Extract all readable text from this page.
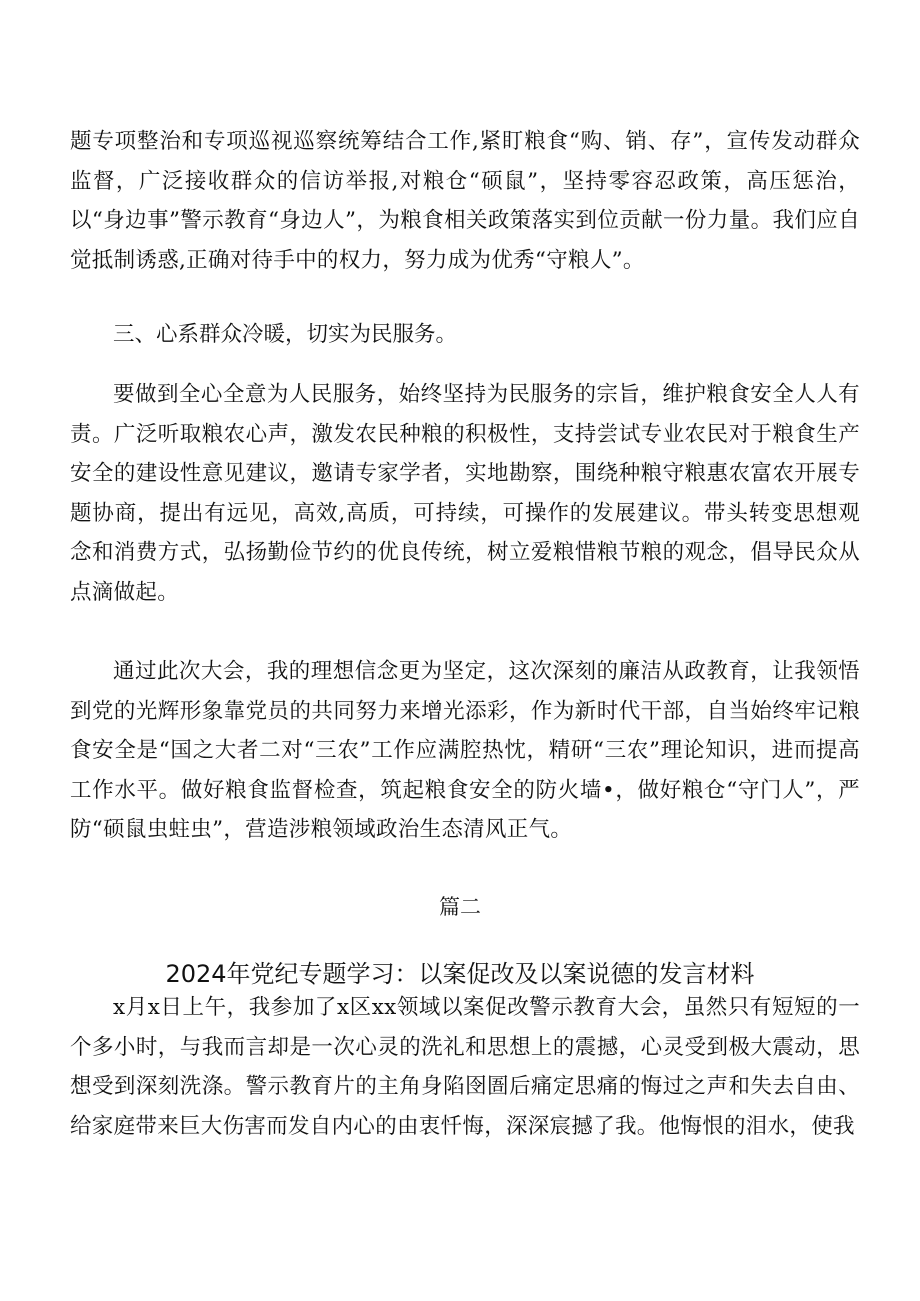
题专项整治和专项巡视巡察统筹结合工作,紧盯粮食“购、销、存”，宣传发动群众监督，广泛接收群众的信访举报,对粮仓“硕鼠”，坚持零容忍政策，高压惩治，以“身边事”警示教育“身边人”，为粮食相关政策落实到位贡献一份力量。我们应自觉抵制诱惑,正确对待手中的权力，努力成为优秀“守粮人”。

三、心系群众冷暖，切实为民服务。

要做到全心全意为人民服务，始终坚持为民服务的宗旨，维护粮食安全人人有责。广泛听取粮农心声，激发农民种粮的积极性，支持尝试专业农民对于粮食生产安全的建设性意见建议，邀请专家学者，实地勘察，围绕种粮守粮惠农富农开展专题协商，提出有远见，高效,高质，可持续，可操作的发展建议。带头转变思想观念和消费方式，弘扬勤俭节约的优良传统，树立爱粮惜粮节粮的观念，倡导民众从点滴做起。

通过此次大会，我的理想信念更为坚定，这次深刻的廉洁从政教育，让我领悟到党的光辉形象靠党员的共同努力来增光添彩，作为新时代干部，自当始终牢记粮食安全是“国之大者二对“三农”工作应满腔热忱，精研“三农”理论知识，进而提高工作水平。做好粮食监督检查，筑起粮食安全的防火墙•，做好粮仓“守门人”，严防“硕鼠虫蛀虫”，营造涉粮领域政治生态清风正气。

篇二

2024年党纪专题学习：以案促改及以案说德的发言材料

x月x日上午，我参加了x区xx领域以案促改警示教育大会，虽然只有短短的一个多小时，与我而言却是一次心灵的洗礼和思想上的震撼，心灵受到极大震动，思想受到深刻洗涤。警示教育片的主角身陷囹圄后痛定思痛的悔过之声和失去自由、给家庭带来巨大伤害而发自内心的由衷忏悔，深深宸撼了我。他悔恨的泪水，使我
